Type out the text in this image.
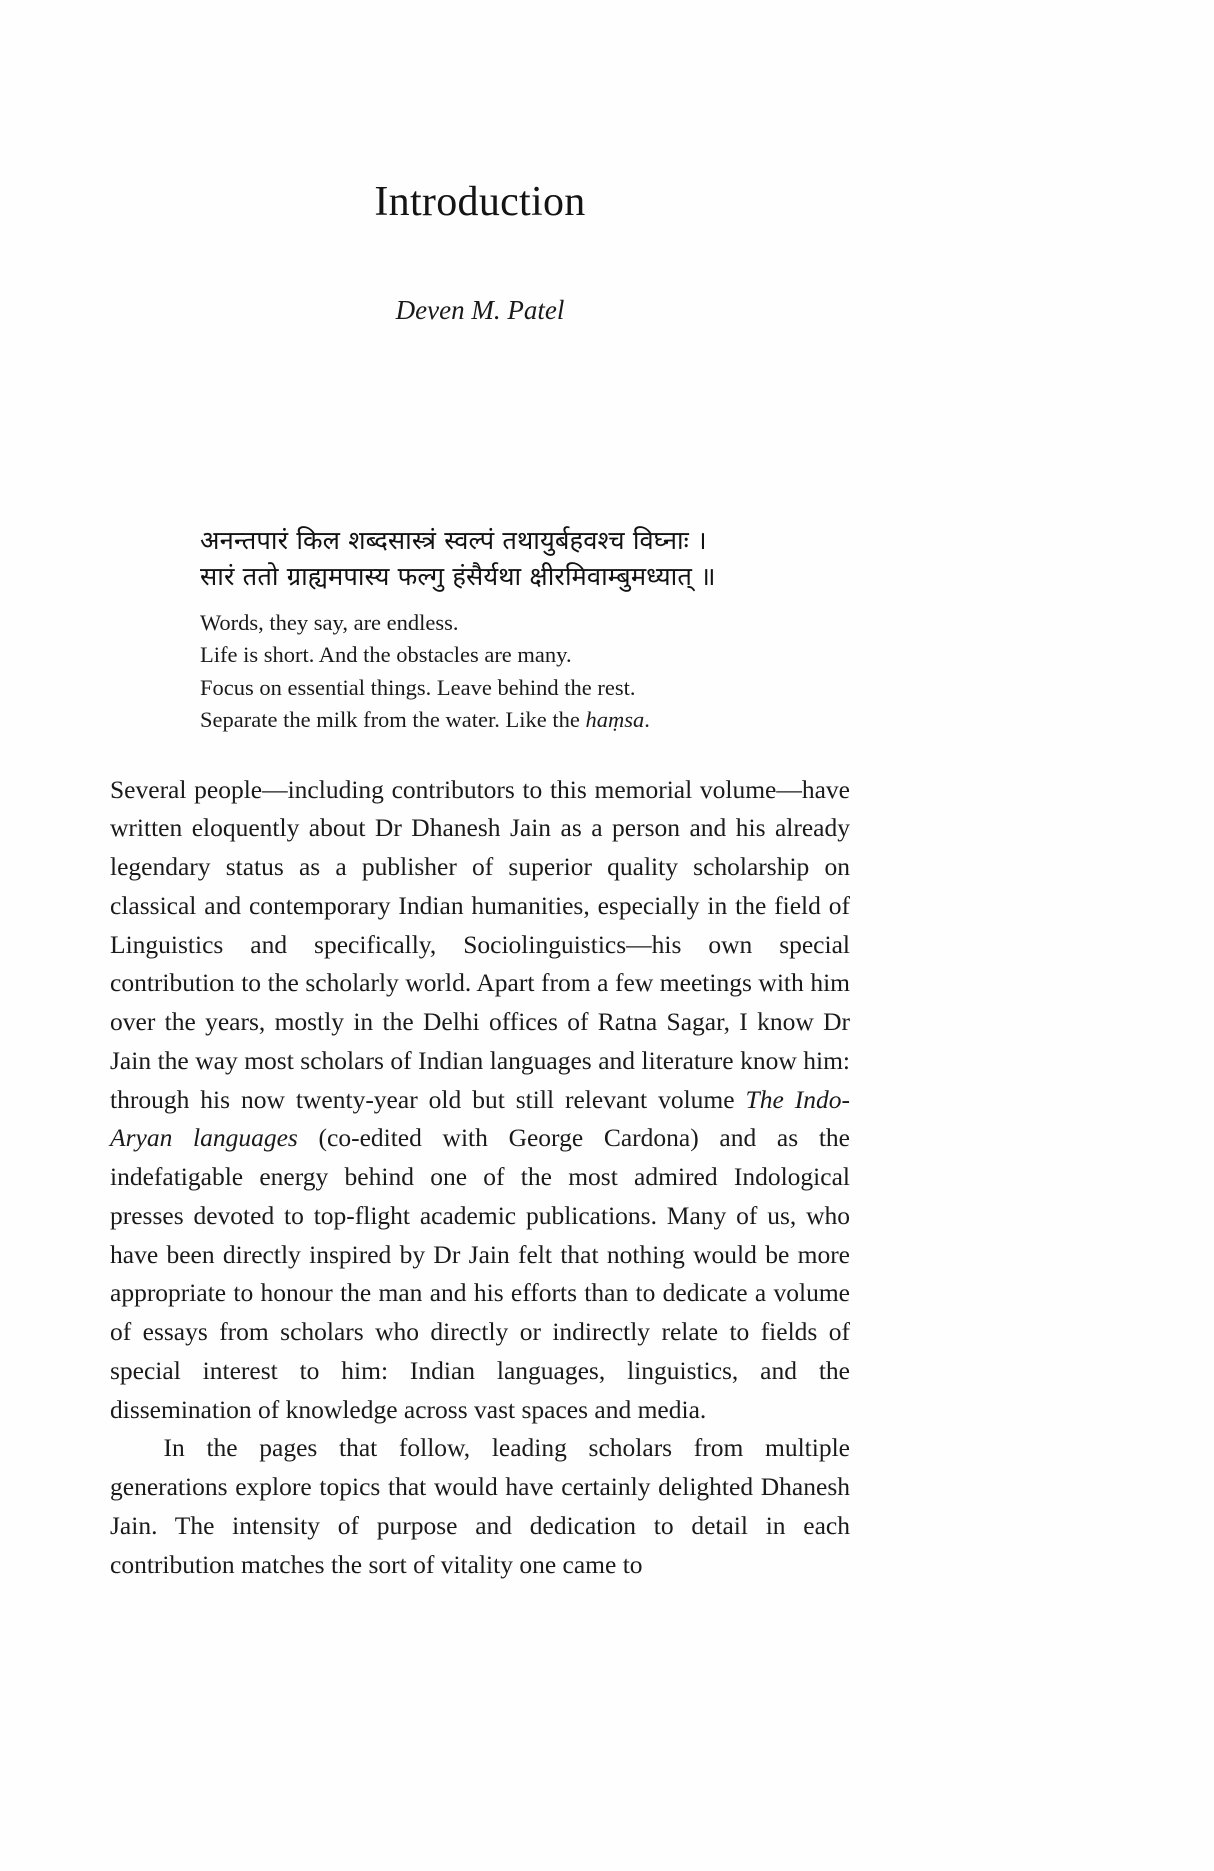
Introduction

Deven M. Patel

अनन्तपारं किल शब्दसास्त्रं स्वल्पं तथायुर्बहवश्च विघ्नाः ।
सारं ततो ग्राह्यमपास्य फल्गु हंसैर्यथा क्षीरमिवाम्बुमध्यात् ॥
Words, they say, are endless.
Life is short. And the obstacles are many.
Focus on essential things. Leave behind the rest.
Separate the milk from the water. Like the haṃsa.

Several people—including contributors to this memorial volume—have written eloquently about Dr Dhanesh Jain as a person and his already legendary status as a publisher of superior quality scholarship on classical and contemporary Indian humanities, especially in the field of Linguistics and specifically, Sociolinguistics—his own special contribution to the scholarly world. Apart from a few meetings with him over the years, mostly in the Delhi offices of Ratna Sagar, I know Dr Jain the way most scholars of Indian languages and literature know him: through his now twenty-year old but still relevant volume The Indo-Aryan languages (co-edited with George Cardona) and as the indefatigable energy behind one of the most admired Indological presses devoted to top-flight academic publications. Many of us, who have been directly inspired by Dr Jain felt that nothing would be more appropriate to honour the man and his efforts than to dedicate a volume of essays from scholars who directly or indirectly relate to fields of special interest to him: Indian languages, linguistics, and the dissemination of knowledge across vast spaces and media.

In the pages that follow, leading scholars from multiple generations explore topics that would have certainly delighted Dhanesh Jain. The intensity of purpose and dedication to detail in each contribution matches the sort of vitality one came to
